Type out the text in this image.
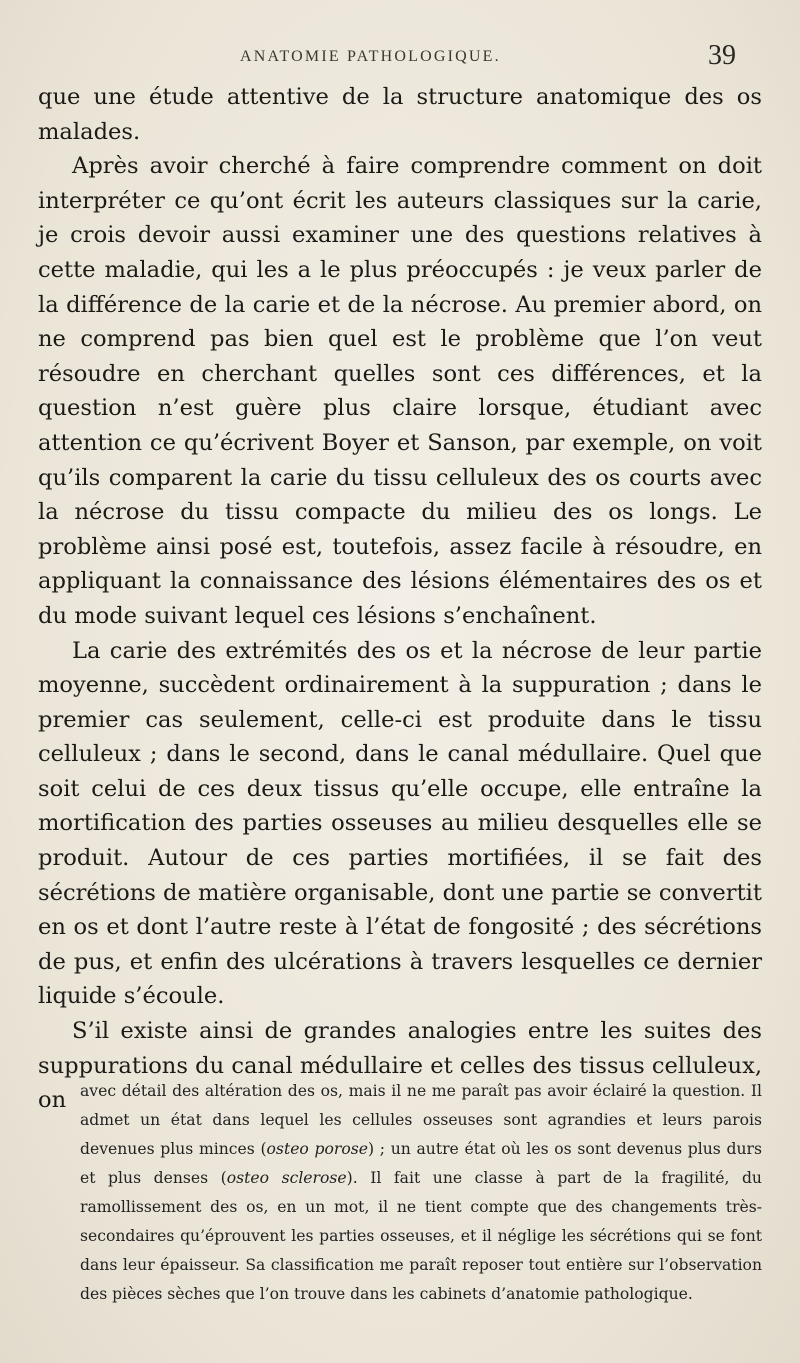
ANATOMIE PATHOLOGIQUE.	39

que une étude attentive de la structure anatomique des os malades.

Après avoir cherché à faire comprendre comment on doit interpréter ce qu’ont écrit les auteurs classiques sur la carie, je crois devoir aussi examiner une des questions relatives à cette maladie, qui les a le plus préoccupés : je veux parler de la différence de la carie et de la nécrose. Au premier abord, on ne comprend pas bien quel est le problème que l’on veut résoudre en cherchant quelles sont ces différences, et la question n’est guère plus claire lorsque, étudiant avec attention ce qu’écrivent Boyer et Sanson, par exemple, on voit qu’ils comparent la carie du tissu celluleux des os courts avec la nécrose du tissu compacte du milieu des os longs. Le problème ainsi posé est, toutefois, assez facile à résoudre, en appliquant la connaissance des lésions élémentaires des os et du mode suivant lequel ces lésions s’enchaînent.

La carie des extrémités des os et la nécrose de leur partie moyenne, succèdent ordinairement à la suppuration ; dans le premier cas seulement, celle-ci est produite dans le tissu celluleux ; dans le second, dans le canal médullaire. Quel que soit celui de ces deux tissus qu’elle occupe, elle entraîne la mortification des parties osseuses au milieu desquelles elle se produit. Autour de ces parties mortifiées, il se fait des sécrétions de matière organisable, dont une partie se convertit en os et dont l’autre reste à l’état de fongosité ; des sécrétions de pus, et enfin des ulcérations à travers lesquelles ce dernier liquide s’écoule.

S’il existe ainsi de grandes analogies entre les suites des suppurations du canal médullaire et celles des tissus celluleux, on avec détail des altération des os, mais il ne me paraît pas avoir éclairé la question. Il admet un état dans lequel les cellules osseuses sont agrandies et leurs parois devenues plus minces (osteo porose) ; un autre état où les os sont devenus plus durs et plus denses (osteo sclerose). Il fait une classe à part de la fragilité, du ramollissement des os, en un mot, il ne tient compte que des changements très-secondaires qu’éprouvent les parties osseuses, et il néglige les sécrétions qui se font dans leur épaisseur. Sa classification me paraît reposer tout entière sur l’observation des pièces sèches que l’on trouve dans les cabinets d’anatomie pathologique.
